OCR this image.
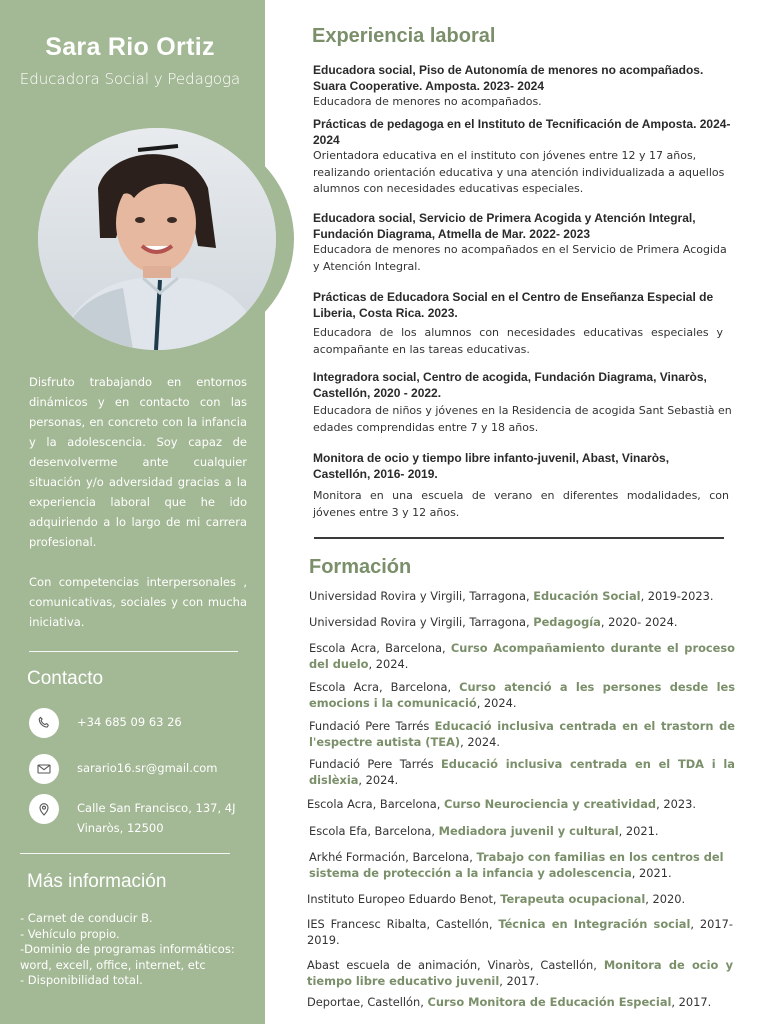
Sara Rio Ortiz
Educadora Social y Pedagoga

Disfruto trabajando en entornos dinámicos y en contacto con las personas, en concreto con la infancia y la adolescencia. Soy capaz de desenvolverme ante cualquier situación y/o adversidad gracias a la experiencia laboral que he ido adquiriendo a lo largo de mi carrera profesional.

Con competencias interpersonales , comunicativas, sociales y con mucha iniciativa.

Contacto
+34 685 09 63 26
sarario16.sr@gmail.com
Calle San Francisco, 137, 4J
Vinaròs, 12500
Más información
- Carnet de conducir B.
- Vehículo propio.
-Dominio de programas informáticos: word, excell, office, internet, etc
- Disponibilidad total.
Experiencia laboral
Educadora social, Piso de Autonomía de menores no acompañados. Suara Cooperative. Amposta. 2023- 2024
Educadora de menores no acompañados.
Prácticas de pedagoga en el Instituto de Tecnificación de Amposta. 2024-2024
Orientadora educativa en el instituto con jóvenes entre 12 y 17 años, realizando orientación educativa y una atención individualizada a aquellos alumnos con necesidades educativas especiales.
Educadora social, Servicio de Primera Acogida y Atención Integral, Fundación Diagrama, Atmella de Mar. 2022- 2023
Educadora de menores no acompañados en el Servicio de Primera Acogida y Atención Integral.
Prácticas de Educadora Social en el Centro de Enseñanza Especial de Liberia, Costa Rica. 2023.
Educadora de los alumnos con necesidades educativas especiales y acompañante en las tareas educativas.
Integradora social, Centro de acogida, Fundación Diagrama, Vinaròs, Castellón, 2020 - 2022.
Educadora de niños y jóvenes en la Residencia de acogida Sant Sebastià en edades comprendidas entre 7 y 18 años.
Monitora de ocio y tiempo libre infanto-juvenil, Abast, Vinaròs, Castellón, 2016- 2019.
Monitora en una escuela de verano en diferentes modalidades, con jóvenes entre 3 y 12 años.
Formación
Universidad Rovira y Virgili, Tarragona, Educación Social, 2019-2023.
Universidad Rovira y Virgili, Tarragona, Pedagogía, 2020- 2024.
Escola Acra, Barcelona, Curso Acompañamiento durante el proceso del duelo, 2024.
Escola Acra, Barcelona, Curso atenció a les persones desde les emocions i la comunicació, 2024.
Fundació Pere Tarrés Educació inclusiva centrada en el trastorn de l'espectre autista (TEA), 2024.
Fundació Pere Tarrés Educació inclusiva centrada en el TDA i la dislèxia, 2024.
Escola Acra, Barcelona, Curso Neurociencia y creatividad, 2023.
Escola Efa, Barcelona, Mediadora juvenil y cultural, 2021.
Arkhé Formación, Barcelona, Trabajo con familias en los centros del sistema de protección a la infancia y adolescencia, 2021.
Instituto Europeo Eduardo Benot, Terapeuta ocupacional, 2020.
IES Francesc Ribalta, Castellón, Técnica en Integración social, 2017-2019.
Abast escuela de animación, Vinaròs, Castellón, Monitora de ocio y tiempo libre educativo juvenil, 2017.
Deportae, Castellón, Curso Monitora de Educación Especial, 2017.
